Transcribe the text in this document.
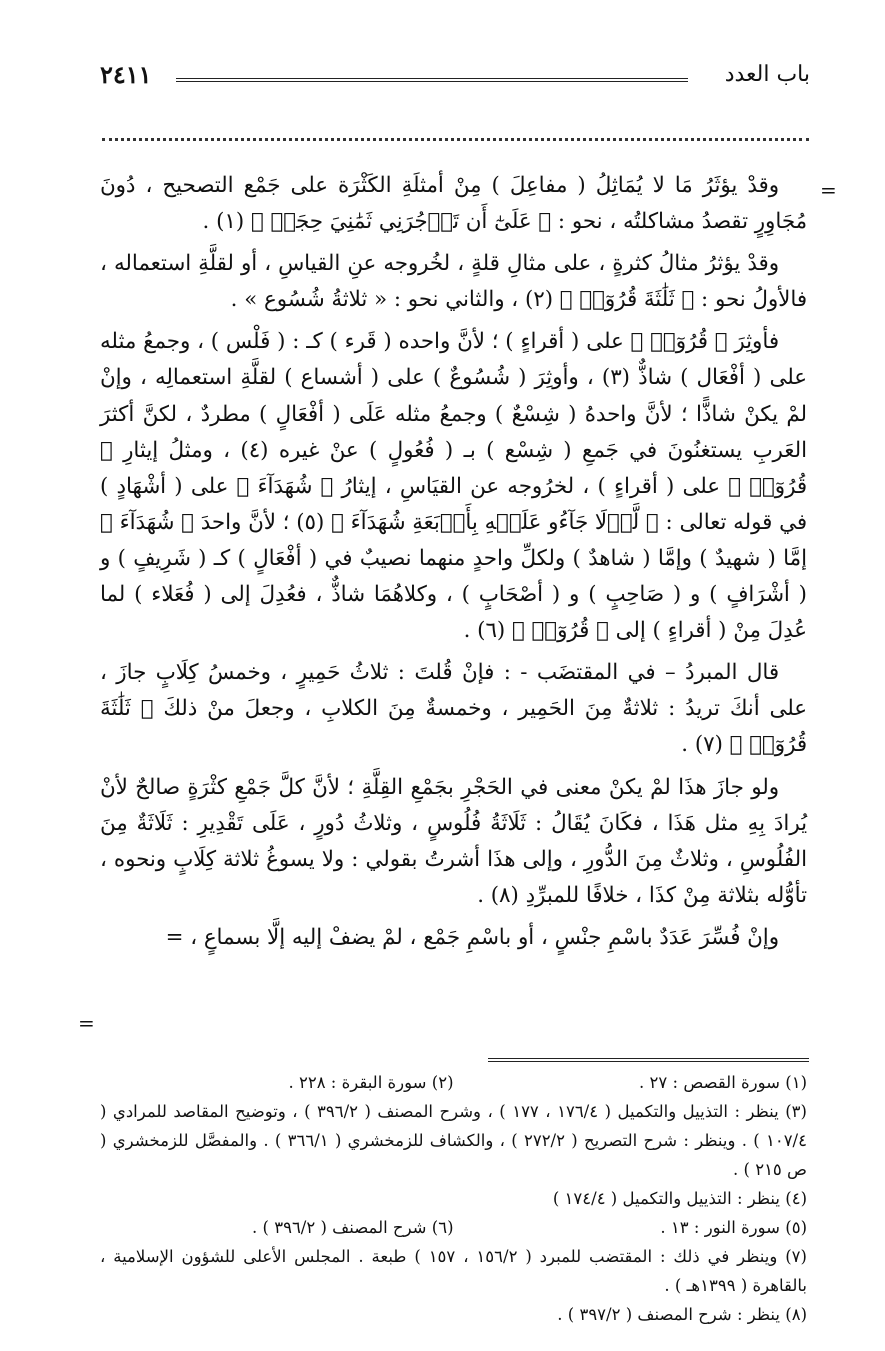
باب العدد
٢٤١١
=

وقدْ يؤثَرُ مَا لا يُمَاثِلُ ( مفاعِلَ ) مِنْ أمثلَةِ الكَثْرَة على جَمْع التصحيح ، دُونَ مُجَاوِرٍ تقصدُ مشاكلتُه ، نحو : ﴿ عَلَىٰٓ أَن تَأۡجُرَنِي ثَمَٰنِيَ حِجَجٖ ﴾ (١) .

وقدْ يؤثرُ مثالُ كثرةٍ ، على مثالِ قلةٍ ، لخُروجه عنِ القياسِ ، أو لقلَّةِ استعماله ، فالأولُ نحو : ﴿ ثَلَٰثَةَ قُرُوٓءٖ ﴾ (٢) ، والثاني نحو : « ثلاثةُ شُسُوع » .

فأوثِرَ ﴿ قُرُوٓءٖ ﴾ على ( أقراءٍ ) ؛ لأنَّ واحده ( قَرء ) كـ : ( فَلْس ) ، وجمعُ مثله على ( أفْعَال ) شاذٌّ (٣) ، وأوثِرَ ( شُسُوعٌ ) على ( أشساع ) لقلَّةِ استعمالِه ، وإنْ لمْ يكنْ شاذًّا ؛ لأنَّ واحدهُ ( شِسْعٌ ) وجمعُ مثله عَلَى ( أفْعَالٍ ) مطردٌ ، لكنَّ أكثرَ العَربِ يستغنُونَ في جَمعِ ( شِسْع ) بـ ( فُعُولٍ ) عنْ غيره (٤) ، ومثلُ إيثارِ ﴿ قُرُوٓءٖ ﴾ على ( أقراءٍ ) ، لخرُوجه عن القيَاسِ ، إيثارُ ﴿ شُهَدَآءَ ﴾ على ( أشْهَادٍ ) في قوله تعالى : ﴿ لَّوۡلَا جَآءُو عَلَيۡهِ بِأَرۡبَعَةِ شُهَدَآءَ ﴾ (٥) ؛ لأنَّ واحدَ ﴿ شُهَدَآءَ ﴾ إمَّا ( شهيدٌ ) وإمَّا ( شاهدٌ ) ولكلِّ واحدٍ منهما نصيبٌ في ( أفْعَالٍ ) كـ ( شَرِيفٍ ) و ( أشْرَافٍ ) و ( صَاحِبٍ ) و ( أصْحَابٍ ) ، وكلاهُمَا شاذٌّ ، فعُدِلَ إلى ( فُعَلاء ) لما عُدِلَ مِنْ ( أقراءٍ ) إلى ﴿ قُرُوٓءٖ ﴾ (٦) .

قال المبردُ – في المقتضَب - : فإنْ قُلتَ : ثلاثُ حَمِيرٍ ، وخمسُ كِلَابٍ جازَ ، على أنكَ تريدُ : ثلاثةٌ مِنَ الحَمِير ، وخمسةٌ مِنَ الكلابِ ، وجعلَ منْ ذلكَ ﴿ ثَلَٰثَةَ قُرُوٓءٖ ﴾ (٧) .

ولو جازَ هذَا لمْ يكنْ معنى في الحَجْرِ بجَمْعِ القِلَّةِ ؛ لأنَّ كلَّ جَمْعِ كثْرَةٍ صالحٌ لأنْ يُرادَ بِهِ مثل هَذَا ، فكَانَ يُقَالُ : ثَلَاثَةُ فُلُوسٍ ، وثلاثُ دُورٍ ، عَلَى تَقْدِيرِ : ثَلَاثَةٌ مِنَ الفُلُوسِ ، وثلاثٌ مِنَ الدُّورِ ، وإلى هذَا أشرتُ بقولي : ولا يسوغُ ثلاثة كِلَابٍ ونحوه ، تأوُّله بثلاثة مِنْ كذَا ، خلافًا للمبرِّدِ (٨) .

وإنْ فُسِّرَ عَدَدٌ باسْمِ جنْسٍ ، أو باسْمِ جَمْع ، لمْ يضفْ إليه إلَّا بسماعٍ ، =

=
(١) سورة القصص : ٢٧ .
(٢) سورة البقرة : ٢٢٨ .
(٣) ينظر : التذييل والتكميل ( ١٧٦/٤ ، ١٧٧ ) ، وشرح المصنف ( ٣٩٦/٢ ) ، وتوضيح المقاصد للمرادي ( ١٠٧/٤ ) . وينظر : شرح التصريح ( ٢٧٢/٢ ) ، والكشاف للزمخشري ( ٣٦٦/١ ) . والمفصَّل للزمخشري ( ص ٢١٥ ) .
(٤) ينظر : التذييل والتكميل ( ١٧٤/٤ )
(٥) سورة النور : ١٣ .
(٦) شرح المصنف ( ٣٩٦/٢ ) .
(٧) وينظر في ذلك : المقتضب للمبرد ( ١٥٦/٢ ، ١٥٧ ) طبعة . المجلس الأعلى للشؤون الإسلامية ، بالقاهرة ( ١٣٩٩هـ ) .
(٨) ينظر : شرح المصنف ( ٣٩٧/٢ ) .
